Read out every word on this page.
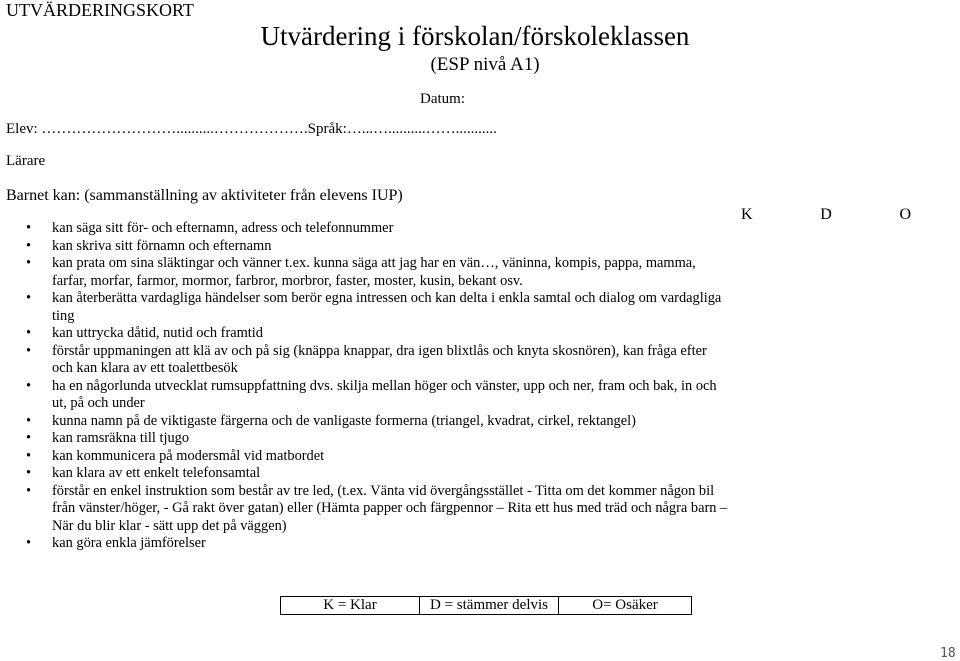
UTVÄRDERINGSKORT
Utvärdering i förskolan/förskoleklassen
(ESP nivå A1)
Datum:
Elev: ………………………..........……………….Språk:…...…..........……...........
Lärare
Barnet kan: (sammanställning av aktiviteter från elevens IUP)
K	D	O
•	kan säga sitt för- och efternamn, adress och telefonnummer
•	kan skriva sitt förnamn och efternamn
•	kan prata om sina släktingar och vänner t.ex. kunna säga att jag har en vän…, väninna, kompis, pappa, mamma, farfar, morfar, farmor, mormor, farbror, morbror, faster, moster, kusin, bekant osv.
•	kan återberätta vardagliga händelser som berör egna intressen och kan delta i enkla samtal och dialog om vardagliga ting
•	kan uttrycka dåtid, nutid och framtid
•	förstår uppmaningen att klä av och på sig (knäppa knappar, dra igen blixtlås och knyta skosnören), kan fråga efter och kan klara av ett toalettbesök
•	ha en någorlunda utvecklat rumsuppfattning dvs. skilja mellan höger och vänster, upp och ner, fram och bak, in och ut, på och under
•	kunna namn på de viktigaste färgerna och de vanligaste formerna (triangel, kvadrat, cirkel, rektangel)
•	kan ramsräkna till tjugo
•	kan kommunicera på modersmål vid matbordet
•	kan klara av ett enkelt telefonsamtal
•	förstår en enkel instruktion som består av tre led, (t.ex. Vänta vid övergångsstället - Titta om det kommer någon bil från vänster/höger, - Gå rakt över gatan) eller (Hämta papper och färgpennor – Rita ett hus med träd och några barn – När du blir klar - sätt upp det på väggen)
•	kan göra enkla jämförelser
K = Klar	D = stämmer delvis	O= Osäker
18
